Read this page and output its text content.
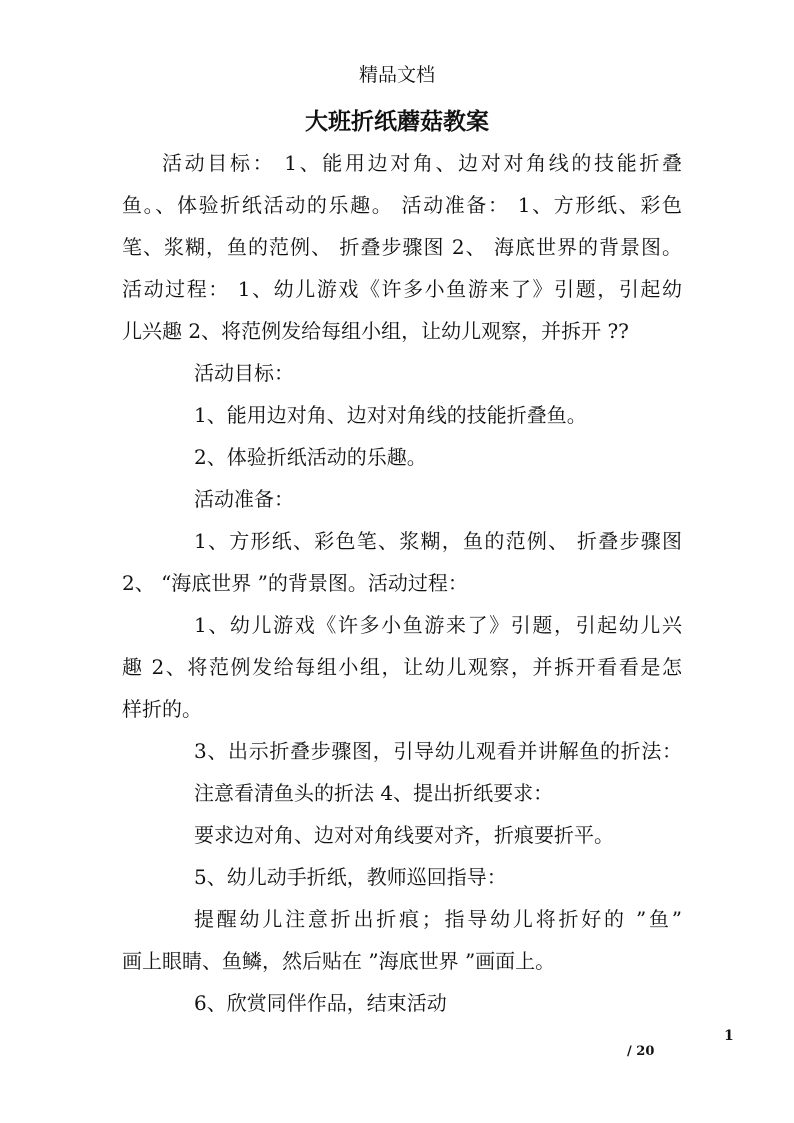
精品文档
大班折纸蘑菇教案
活动目标： 1、能用边对角、边对对角线的技能折叠
鱼。、体验折纸活动的乐趣。 活动准备： 1、方形纸、彩色
笔、浆糊，鱼的范例、 折叠步骤图 2、 海底世界的背景图。
活动过程： 1、幼儿游戏《许多小鱼游来了》引题，引起幼
儿兴趣 2、将范例发给每组小组，让幼儿观察，并拆开 ??
活动目标：
1、能用边对角、边对对角线的技能折叠鱼。
2、体验折纸活动的乐趣。
活动准备：
1、方形纸、彩色笔、浆糊，鱼的范例、 折叠步骤图
2、 “海底世界 ”的背景图。活动过程：
1、幼儿游戏《许多小鱼游来了》引题，引起幼儿兴
趣 2、将范例发给每组小组，让幼儿观察，并拆开看看是怎
样折的。
3、出示折叠步骤图，引导幼儿观看并讲解鱼的折法：
注意看清鱼头的折法 4、提出折纸要求：
要求边对角、边对对角线要对齐，折痕要折平。
5、幼儿动手折纸，教师巡回指导：
提醒幼儿注意折出折痕；指导幼儿将折好的 ”鱼”
画上眼睛、鱼鳞，然后贴在 ”海底世界 ”画面上。
6、欣赏同伴作品，结束活动
1
/ 20
